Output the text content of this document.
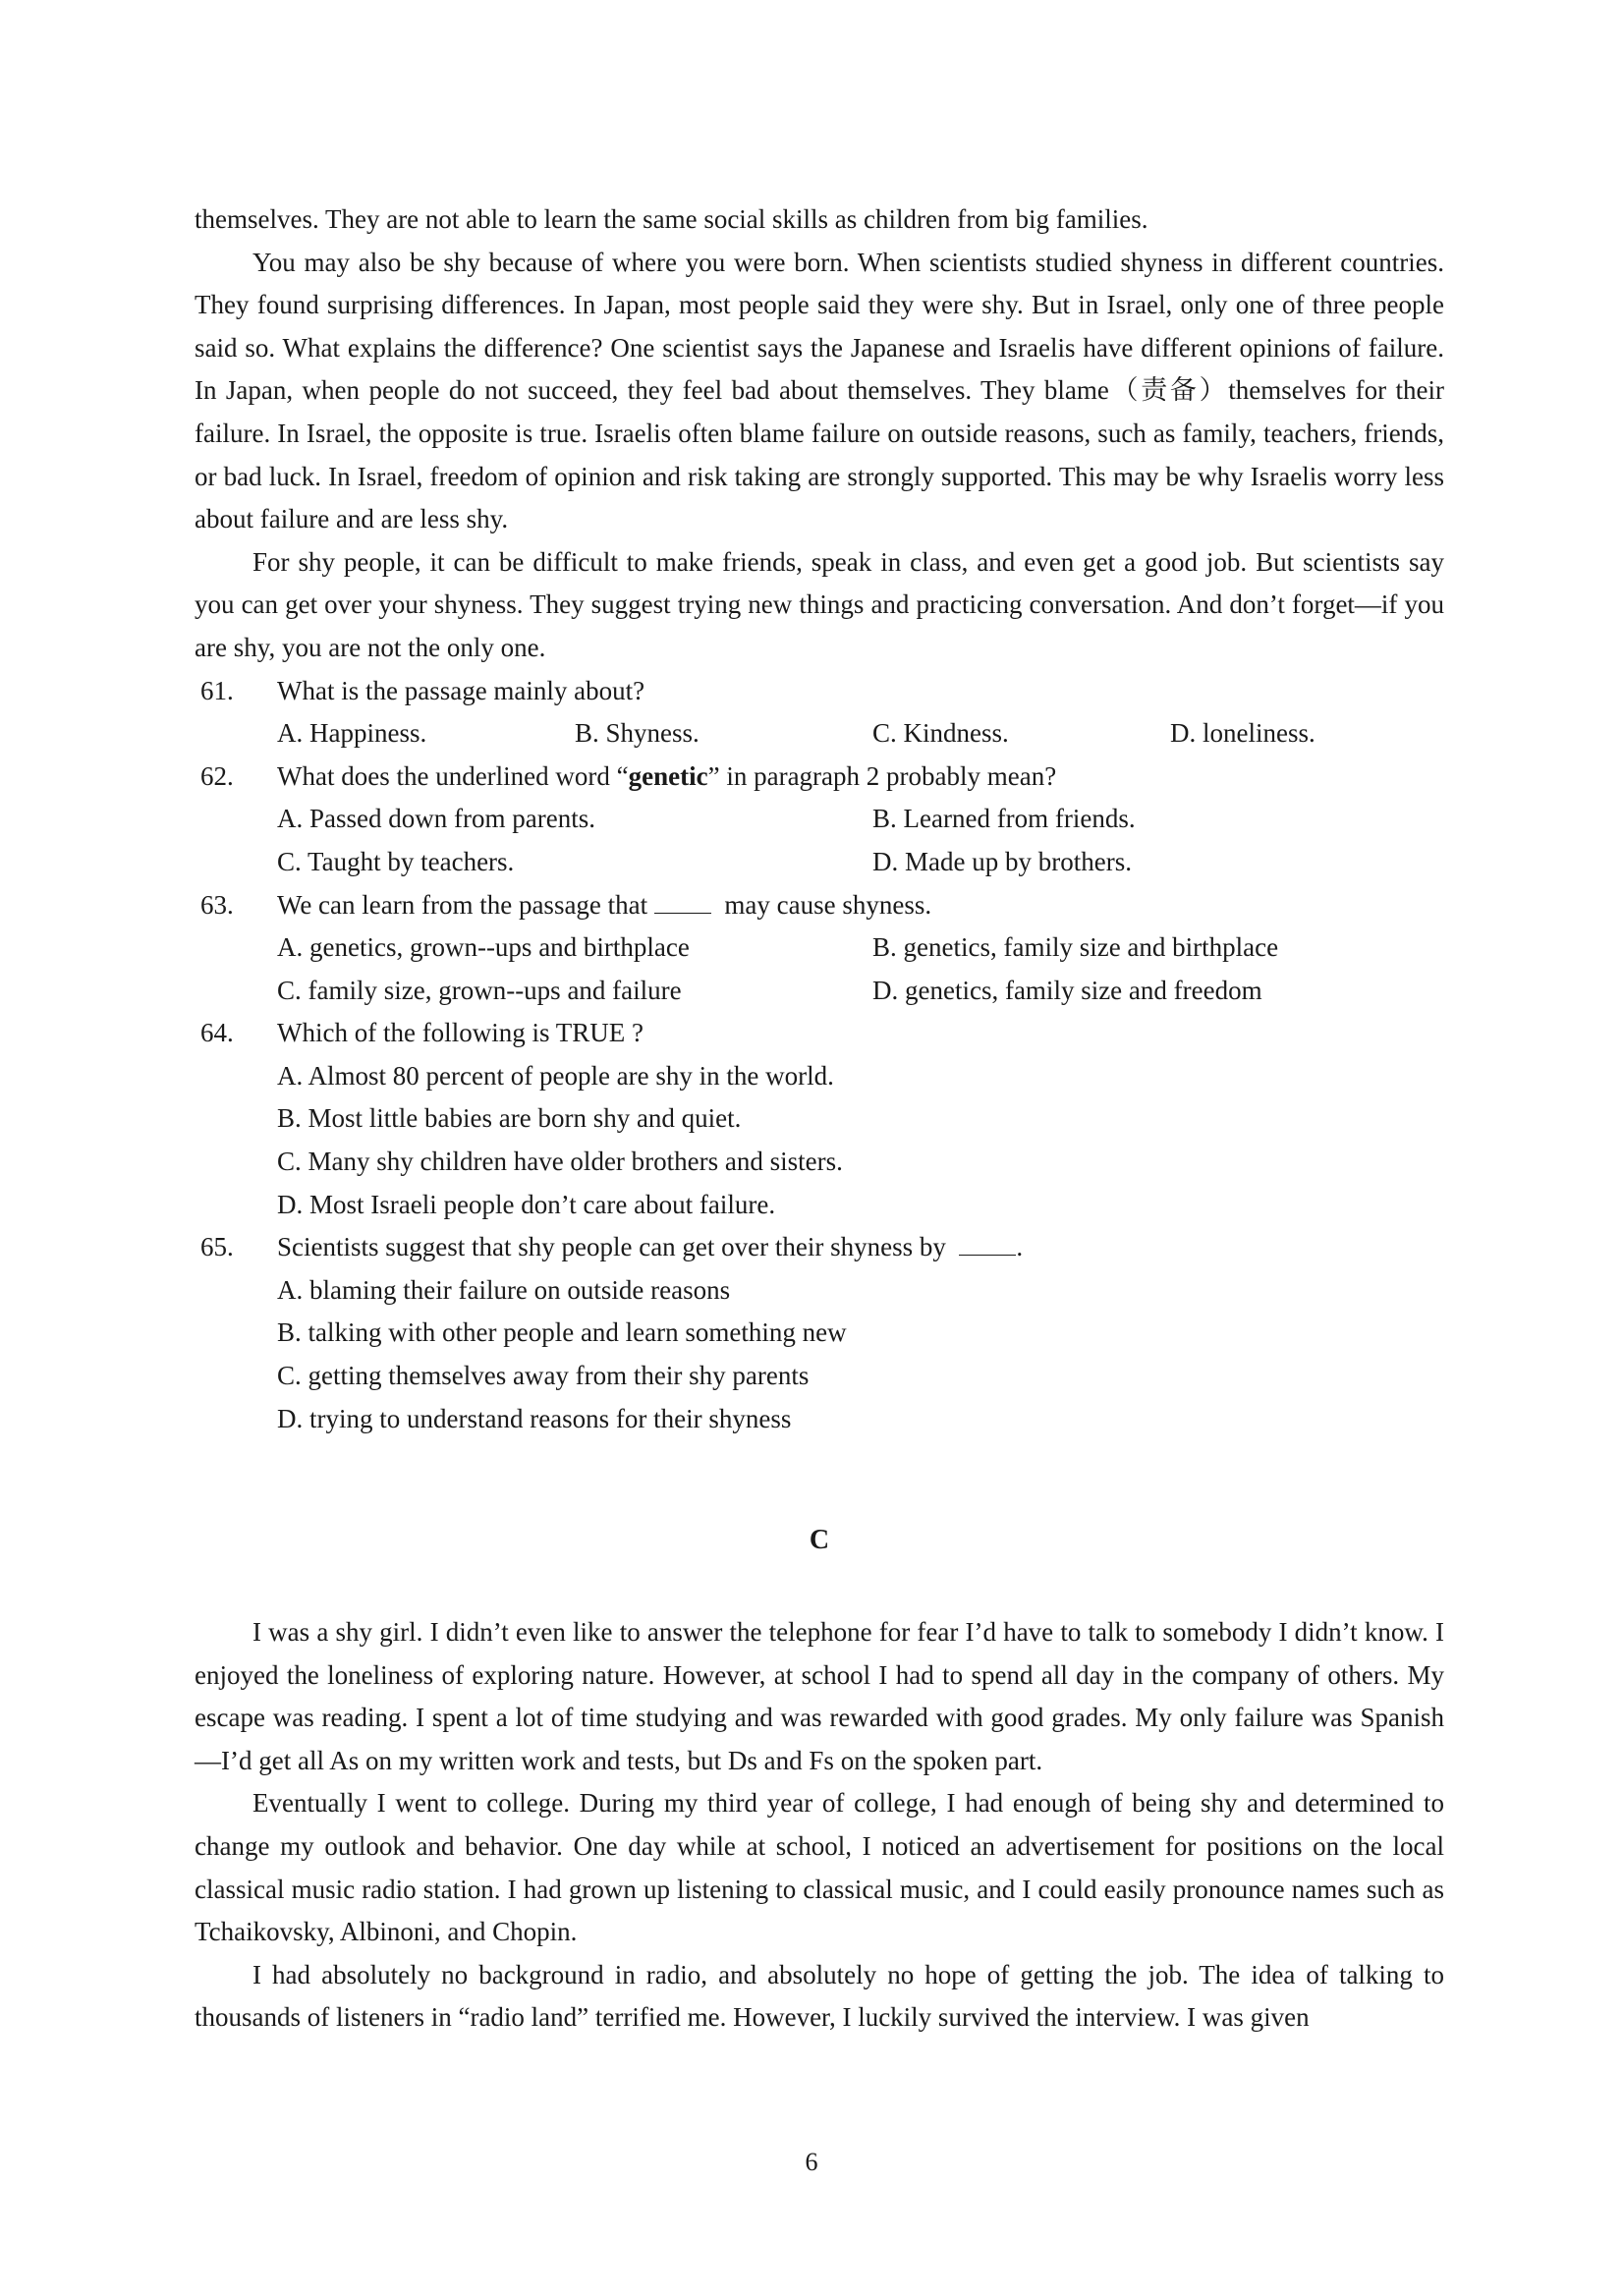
themselves. They are not able to learn the same social skills as children from big families.

You may also be shy because of where you were born. When scientists studied shyness in different countries. They found surprising differences. In Japan, most people said they were shy. But in Israel, only one of three people said so. What explains the difference? One scientist says the Japanese and Israelis have different opinions of failure. In Japan, when people do not succeed, they feel bad about themselves. They blame（责备）themselves for their failure. In Israel, the opposite is true. Israelis often blame failure on outside reasons, such as family, teachers, friends, or bad luck. In Israel, freedom of opinion and risk taking are strongly supported. This may be why Israelis worry less about failure and are less shy.

For shy people, it can be difficult to make friends, speak in class, and even get a good job. But scientists say you can get over your shyness. They suggest trying new things and practicing conversation. And don’t forget—if you are shy, you are not the only one.

61. What is the passage mainly about?
A. Happiness.	B. Shyness.	C. Kindness.	D. loneliness.
62. What does the underlined word “genetic” in paragraph 2 probably mean?
A. Passed down from parents.	B. Learned from friends.
C. Taught by teachers.	D. Made up by brothers.
63. We can learn from the passage that	may cause shyness.
A. genetics, grown--ups and birthplace	B. genetics, family size and birthplace
C. family size, grown--ups and failure	D. genetics, family size and freedom
64. Which of the following is TRUE ?
A. Almost 80 percent of people are shy in the world.
B. Most little babies are born shy and quiet.
C. Many shy children have older brothers and sisters.
D. Most Israeli people don’t care about failure.
65. Scientists suggest that shy people can get over their shyness by	.
A. blaming their failure on outside reasons
B. talking with other people and learn something new
C. getting themselves away from their shy parents
D. trying to understand reasons for their shyness
C

I was a shy girl. I didn’t even like to answer the telephone for fear I’d have to talk to somebody I didn’t know. I enjoyed the loneliness of exploring nature. However, at school I had to spend all day in the company of others. My escape was reading. I spent a lot of time studying and was rewarded with good grades. My only failure was Spanish —I’d get all As on my written work and tests, but Ds and Fs on the spoken part.

Eventually I went to college. During my third year of college, I had enough of being shy and determined to change my outlook and behavior. One day while at school, I noticed an advertisement for positions on the local classical music radio station. I had grown up listening to classical music, and I could easily pronounce names such as Tchaikovsky, Albinoni, and Chopin.

I had absolutely no background in radio, and absolutely no hope of getting the job. The idea of talking to thousands of listeners in “radio land” terrified me. However, I luckily survived the interview. I was given

6
